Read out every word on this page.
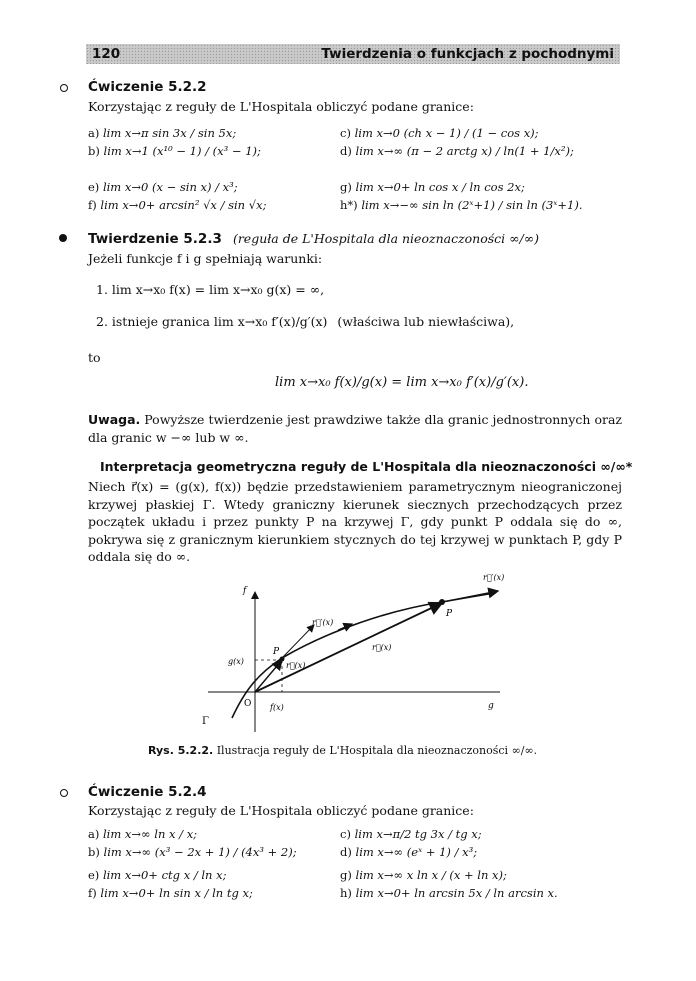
120	Twierdzenia o funkcjach z pochodnymi
Ćwiczenie 5.2.2
Korzystając z reguły de L'Hospitala obliczyć podane granice:
a) lim x→π sin 3x / sin 5x;
b) lim x→1 (x¹⁰ − 1) / (x³ − 1);
c) lim x→0 (ch x − 1) / (1 − cos x);
d) lim x→∞ (π − 2 arctg x) / ln(1 + 1/x²);
e) lim x→0 (x − sin x) / x³;
f) lim x→0+ arcsin² √x / sin √x;
g) lim x→0+ ln cos x / ln cos 2x;
h*) lim x→−∞ sin ln (2ˣ+1) / sin ln (3ˣ+1).
Twierdzenie 5.2.3 (reguła de L'Hospitala dla nieoznaczoności ∞/∞)
Jeżeli funkcje f i g spełniają warunki:
1. lim x→x₀ f(x) = lim x→x₀ g(x) = ∞,
2. istnieje granica lim x→x₀ f′(x)/g′(x) (właściwa lub niewłaściwa),
to
lim x→x₀ f(x)/g(x) = lim x→x₀ f′(x)/g′(x).
Uwaga. Powyższe twierdzenie jest prawdziwe także dla granic jednostronnych oraz dla granic w −∞ lub w ∞.
Interpretacja geometryczna reguły de L'Hospitala dla nieoznaczoności ∞/∞*
Niech r⃗(x) = (g(x), f(x)) będzie przedstawieniem parametrycznym nieograniczonej krzywej płaskiej Γ. Wtedy graniczny kierunek siecznych przechodzących przez początek układu i przez punkty P na krzywej Γ, gdy punkt P oddala się do ∞, pokrywa się z granicznym kierunkiem stycznych do tej krzywej w punktach P, gdy P oddala się do ∞.
f
g
O
Γ
g(x)
f(x)
P
P
r⃗′(x)
r⃗(x)
r⃗(x)
r⃗′(x)
Rys. 5.2.2. Ilustracja reguły de L'Hospitala dla nieoznaczoności ∞/∞.
Ćwiczenie 5.2.4
Korzystając z reguły de L'Hospitala obliczyć podane granice:
a) lim x→∞ ln x / x;
b) lim x→∞ (x³ − 2x + 1) / (4x³ + 2);
c) lim x→π/2 tg 3x / tg x;
d) lim x→∞ (eˣ + 1) / x³;
e) lim x→0+ ctg x / ln x;
f) lim x→0+ ln sin x / ln tg x;
g) lim x→∞ x ln x / (x + ln x);
h) lim x→0+ ln arcsin 5x / ln arcsin x.
